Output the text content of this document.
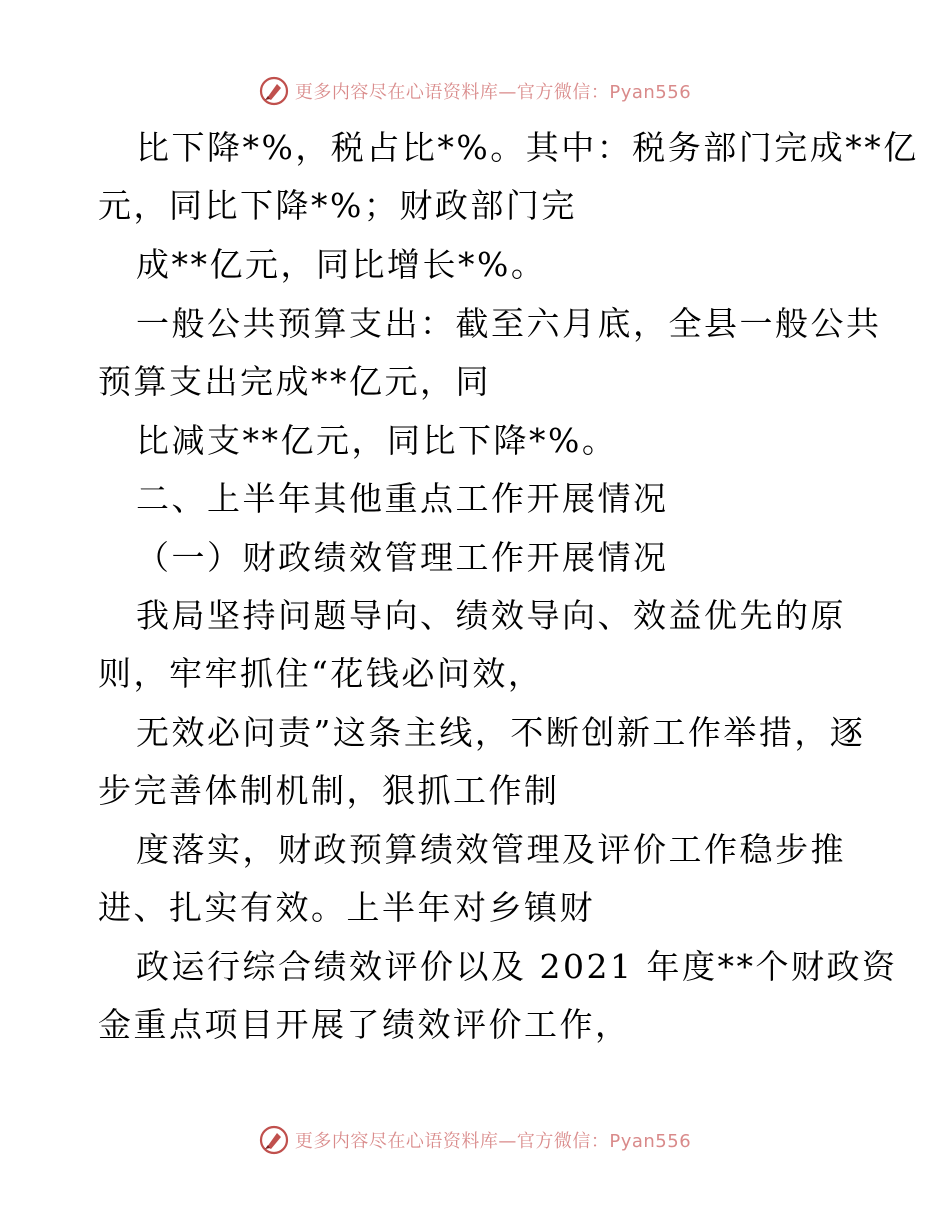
更多内容尽在心语资料库—官方微信：Pyan556
比下降*%，税占比*%。其中：税务部门完成**亿
元，同比下降*%；财政部门完
成**亿元，同比增长*%。
一般公共预算支出：截至六月底，全县一般公共
预算支出完成**亿元，同
比减支**亿元，同比下降*%。
二、上半年其他重点工作开展情况
（一）财政绩效管理工作开展情况
我局坚持问题导向、绩效导向、效益优先的原
则，牢牢抓住“花钱必问效，
无效必问责”这条主线，不断创新工作举措，逐
步完善体制机制，狠抓工作制
度落实，财政预算绩效管理及评价工作稳步推
进、扎实有效。上半年对乡镇财
政运行综合绩效评价以及 2021 年度**个财政资
金重点项目开展了绩效评价工作，
更多内容尽在心语资料库—官方微信：Pyan556
